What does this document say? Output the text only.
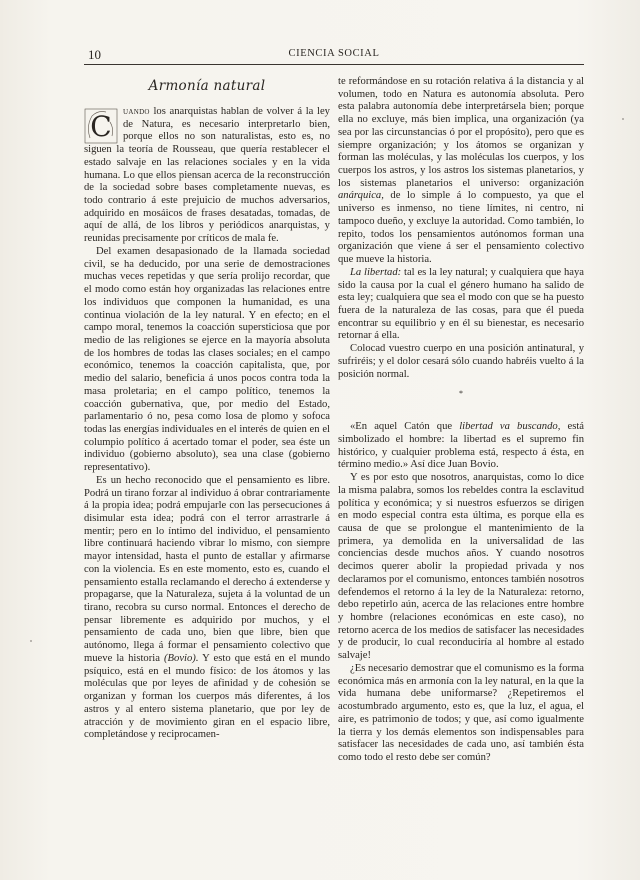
10	CIENCIA SOCIAL
Armonía natural

C uando los anarquistas hablan de volver á la ley de Natura, es necesario interpretarlo bien, porque ellos no son naturalistas, esto es, no siguen la teoría de Rousseau, que quería restablecer el estado salvaje en las relaciones sociales y en la vida humana. Lo que ellos piensan acerca de la reconstrucción de la sociedad sobre bases completamente nuevas, es todo contrario á este prejuicio de muchos adversarios, adquirido en mosáicos de frases desatadas, tomadas, de aquí de allá, de los libros y periódicos anarquistas, y reunidas precisamente por críticos de mala fe.

Del examen desapasionado de la llamada sociedad civil, se ha deducido, por una serie de demostraciones muchas veces repetidas y que sería prolijo recordar, que el modo como están hoy organizadas las relaciones entre los individuos que componen la humanidad, es una continua violación de la ley natural. Y en efecto; en el campo moral, tenemos la coacción supersticiosa que por medio de las religiones se ejerce en la mayoría absoluta de los hombres de todas las clases sociales; en el campo económico, tenemos la coacción capitalista, que, por medio del salario, beneficia á unos pocos contra toda la masa proletaria; en el campo político, tenemos la coacción gubernativa, que, por medio del Estado, parlamentario ó no, pesa como losa de plomo y sofoca todas las energías individuales en el interés de quien en el columpio político á acertado tomar el poder, sea éste un individuo (gobierno absoluto), sea una clase (gobierno representativo).

Es un hecho reconocido que el pensamiento es libre. Podrá un tirano forzar al individuo á obrar contrariamente á la propia idea; podrá empujarle con las persecuciones á disimular esta idea; podrá con el terror arrastrarle á mentir; pero en lo íntimo del individuo, el pensamiento libre continuará haciendo vibrar lo mismo, con siempre mayor intensidad, hasta el punto de estallar y afirmarse con la violencia. Es en este momento, esto es, cuando el pensamiento estalla reclamando el derecho á extenderse y propagarse, que la Naturaleza, sujeta á la voluntad de un tirano, recobra su curso normal. Entonces el derecho de pensar libremente es adquirido por muchos, y el pensamiento de cada uno, bien que libre, bien que autónomo, llega á formar el pensamiento colectivo que mueve la historia (Bovio). Y esto que está en el mundo psíquico, está en el mundo físico: de los átomos y las moléculas que por leyes de afinidad y de cohesión se organizan y forman los cuerpos más diferentes, á los astros y al entero sistema planetario, que por ley de atracción y de movimiento giran en el espacio libre, completándose y reciprocamen-

te reformándose en su rotación relativa á la distancia y al volumen, todo en Natura es autonomía absoluta. Pero esta palabra autonomía debe interpretársela bien; porque ella no excluye, más bien implica, una organización (ya sea por las circunstancias ó por el propósito), pero que es siempre organización; y los átomos se organizan y forman las moléculas, y las moléculas los cuerpos, y los cuerpos los astros, y los astros los sistemas planetarios, y los sistemas planetarios el universo: organización anárquica, de lo simple á lo compuesto, ya que el universo es inmenso, no tiene límites, ni centro, ni tampoco dueño, y excluye la autoridad. Como también, lo repito, todos los pensamientos autónomos forman una organización que viene á ser el pensamiento colectivo que mueve la historia.

La libertad: tal es la ley natural; y cualquiera que haya sido la causa por la cual el género humano ha salido de esta ley; cualquiera que sea el modo con que se ha puesto fuera de la naturaleza de las cosas, para que él pueda encontrar su equilibrio y en él su bienestar, es necesario retornar á ella.

Colocad vuestro cuerpo en una posición antinatural, y sufriréis; y el dolor cesará sólo cuando habréis vuelto á la posición normal.

*

«En aquel Catón que libertad va buscando, está simbolizado el hombre: la libertad es el supremo fin histórico, y cualquier problema está, respecto á ésta, en término medio.» Así dice Juan Bovio.

Y es por esto que nosotros, anarquistas, como lo dice la misma palabra, somos los rebeldes contra la esclavitud política y económica; y si nuestros esfuerzos se dirigen en modo especial contra esta última, es porque ella es causa de que se prolongue el mantenimiento de la primera, ya demolida en la universalidad de las conciencias desde muchos años. Y cuando nosotros decimos querer abolir la propiedad privada y nos declaramos por el comunismo, entonces también nosotros defendemos el retorno á la ley de la Naturaleza: retorno, debo repetirlo aún, acerca de las relaciones entre hombre y hombre (relaciones económicas en este caso), no retorno acerca de los medios de satisfacer las necesidades y de producir, lo cual reconduciría al hombre al estado salvaje!

¿Es necesario demostrar que el comunismo es la forma económica más en armonía con la ley natural, en la que la vida humana debe uniformarse? ¿Repetiremos el acostumbrado argumento, esto es, que la luz, el agua, el aire, es patrimonio de todos; y que, así como igualmente la tierra y los demás elementos son indispensables para satisfacer las necesidades de cada uno, así también ésta como todo el resto debe ser común?
